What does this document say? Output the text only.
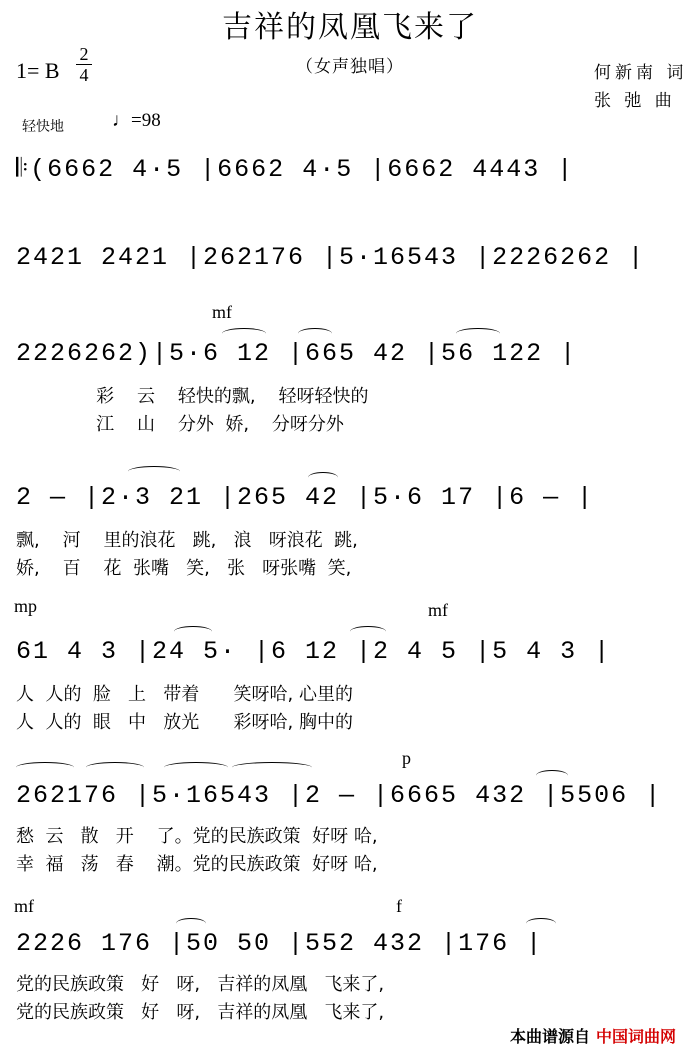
吉祥的凤凰飞来了
（女声独唱）
1= B
2
4	何新南 词
张 弛 曲
轻快地	♩=98
𝄆(6662 4·5 |6662 4·5 |6662 4443 |
2421 2421 |262176 |5·16543 |2226262 |
mf
2226262)|5·6 12 |665 42 |56 122 |
彩    云    轻快的飘,    轻呀轻快的
江    山    分外  娇,    分呀分外
2 — |2·3 21 |265 42 |5·6 17 |6 — |
飘,    河    里的浪花   跳,   浪   呀浪花  跳,
娇,    百    花  张嘴   笑,   张   呀张嘴  笑,
mp	mf
61 4 3 |24 5· |6 12 |2 4 5 |5 4 3 |
人  人的  脸   上   带着      笑呀哈, 心里的
人  人的  眼   中   放光      彩呀哈, 胸中的
p
262176 |5·16543 |2 — |6665 432 |5506 |
愁  云   散   开    了。党的民族政策  好呀 哈,
幸  福   荡   春    潮。党的民族政策  好呀 哈,
mf	f
2226 176 |50 50 |552 432 |176 |
党的民族政策   好   呀,   吉祥的凤凰   飞来了,
党的民族政策   好   呀,   吉祥的凤凰   飞来了,
本曲谱源自 中国词曲网
